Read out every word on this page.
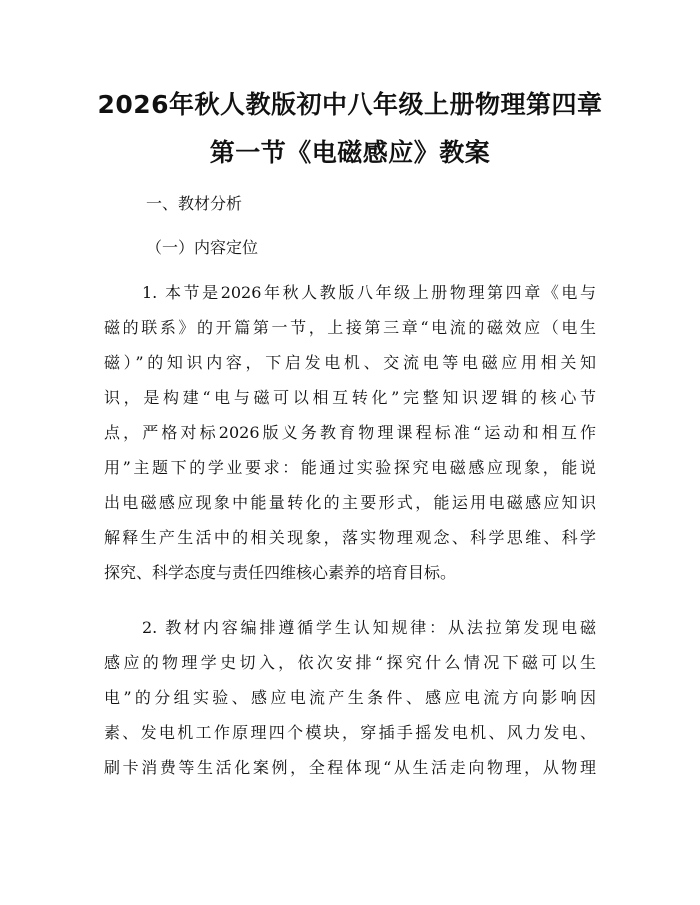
2026年秋人教版初中八年级上册物理第四章
第一节《电磁感应》教案

一、教材分析

（一）内容定位

1. 本节是2026年秋人教版八年级上册物理第四章《电与
磁的联系》的开篇第一节，上接第三章“电流的磁效应（电生
磁）”的知识内容，下启发电机、交流电等电磁应用相关知
识，是构建“电与磁可以相互转化”完整知识逻辑的核心节
点，严格对标2026版义务教育物理课程标准“运动和相互作
用”主题下的学业要求：能通过实验探究电磁感应现象，能说
出电磁感应现象中能量转化的主要形式，能运用电磁感应知识
解释生产生活中的相关现象，落实物理观念、科学思维、科学
探究、科学态度与责任四维核心素养的培育目标。
2. 教材内容编排遵循学生认知规律：从法拉第发现电磁
感应的物理学史切入，依次安排“探究什么情况下磁可以生
电”的分组实验、感应电流产生条件、感应电流方向影响因
素、发电机工作原理四个模块，穿插手摇发电机、风力发电、
刷卡消费等生活化案例，全程体现“从生活走向物理，从物理
